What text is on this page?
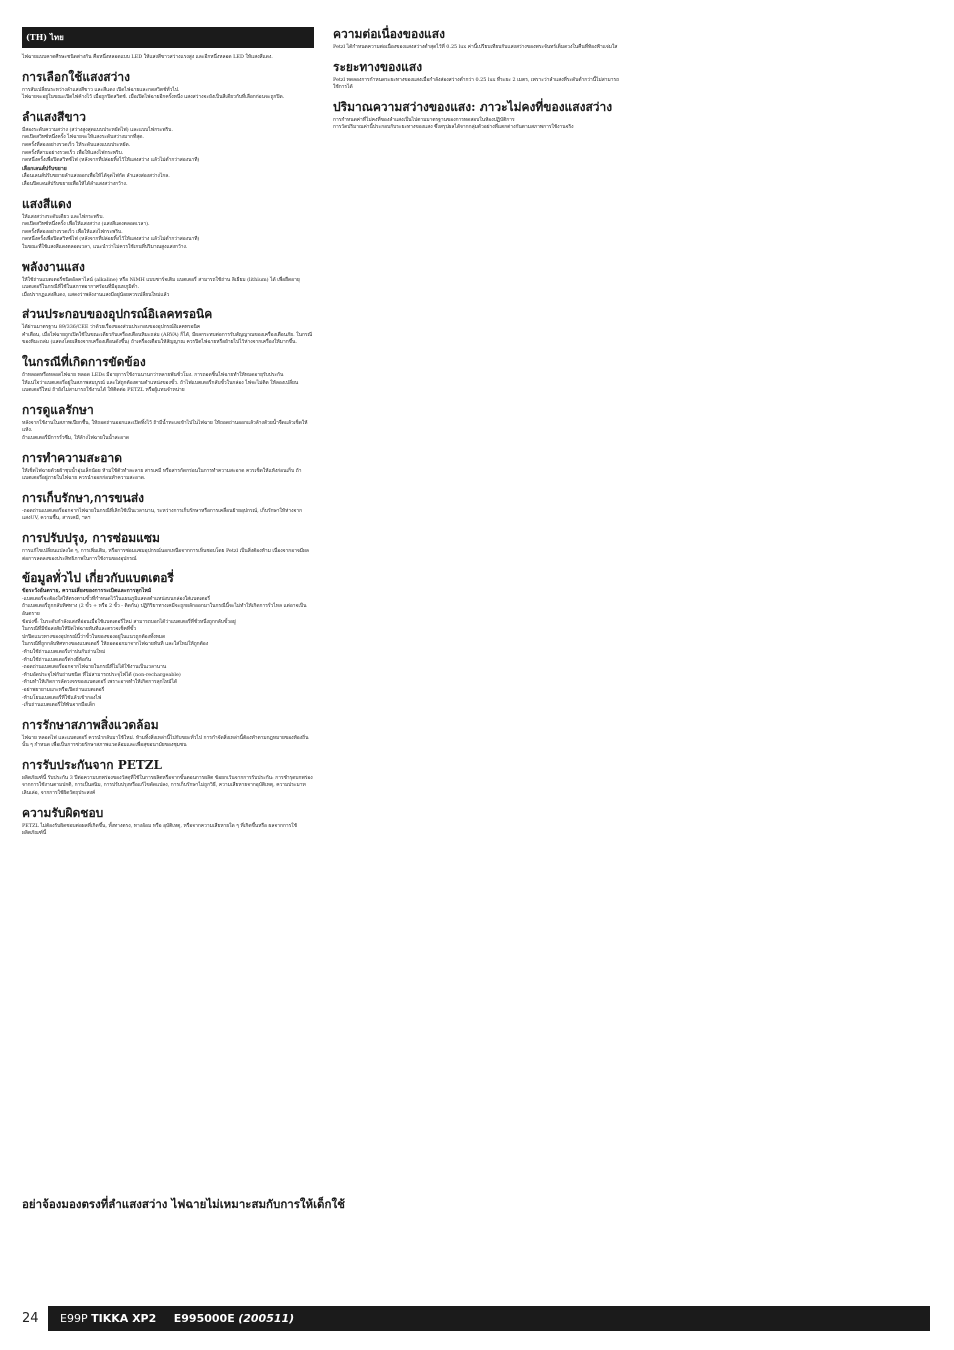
(TH) ไทย

ไฟฉายแบบคาดศีรษะชนิดต่างกัน คือหนึ่งหลอดแบบ LED ให้แสงสีขาวสว่างแรงสูง และอีกหนึ่งหลอด LED ให้แสงสีแดง.

การเลือกใช้แสงสว่าง

การสับเปลี่ยนระหว่างลำแสงสีขาว และสีแดง เปิดไฟฉายและกดสวิตช์ทั่วไป.
ไฟฉายจะอยู่ในขณะเปิดไฟค้างไว้ เมื่อถูกปิดสวิตช์. เมื่อเปิดไฟฉายอีกครั้งหนึ่ง แสงสว่างจะยังเป็นสีเดียวกับที่เลือกก่อนจะถูกปิด.

ลำแสงสีขาว

มีสองระดับความสว่าง (สว่างสูงสุดแบบประหยัดไฟ) และแบบไฟกระพริบ.
กดเปิดสวิทซ์หนึ่งครั้ง ไฟฉายจะให้แสงระดับสว่างมากที่สุด.
กดครั้งที่สองอย่างรวดเร็ว ให้ระดับแสงแบบประหยัด.
กดครั้งที่สามอย่างรวดเร็ว เพื่อให้แสงไฟกระพริบ.
กดหนึ่งครั้งเพื่อปิดสวิทซ์ไฟ (หลังจากที่ปล่อยทิ้งไว้ให้แสงสว่าง แล้วไม่ต่ำกว่าสองนาที)

เลือกเลนส์ปรับขยาย

เลื่อนเลนส์ปรับขยายลำแสงออกเพื่อให้ได้จุดไฟกัด ลำแสงส่องสว่างไกล.
เลื่อนปิดเลนส์ปรับขยายเพื่อให้ได้ลำแสงสว่างกว้าง.

แสงสีแดง

ให้แสงสว่างระดับเดียว และไฟกระพริบ.
กดเปิดสวิทซ์หนึ่งครั้ง เพื่อให้แสงสว่าง (แสงสีแดงตลอดเวลา).
กดครั้งที่สองอย่างรวดเร็ว เพื่อให้แสงไฟกระพริบ.
กดหนึ่งครั้งเพื่อปิดสวิทซ์ไฟ (หลังจากที่ปล่อยทิ้งไว้ให้แสงสว่าง แล้วไม่ต่ำกว่าสองนาที)
ในขณะที่ใช้แสงสีแดงตลอดเวลา, แนะนำว่าไม่ควรใช้เกนที่ปริมาณสูงแสงกว้าง.

พลังงานแสง

ให้ใช้ถ่านแบตเตอรี่ชนิดอัลคาไลน์ (alkaline) หรือ NiMH แบบชาร์จเติม แบตเตอรี่ สามารถใช้ถ่าน ลิเธียม (lithium) ได้ เพื่อยืดอายุแบตเตอรี่ในกรณีที่ใช้ในสภาพอากาศร้อนที่มีอุณหภูมิต่ำ.
เมื่อปรากฏแสงสีแดง, แสดงว่าพลังงานแสงมีอยู่น้อยควรเปลี่ยนใหม่แล้ว

ส่วนประกอบของอุปกรณ์อิเลคทรอนิค

ได้ผ่านมาตรฐาน 89/336/CEE ว่าด้วยเรื่องของส่วนประกอบของอุปกรณ์อิเลคทรอนิค
คำเตือน, เมื่อไฟฉายถูกเปิดใช้ในขณะเดียวกับเครื่องเตือนหิมะถล่ม (ARVA) ก็ได้, มีผลกระทบต่อการรับสัญญาณของเครื่องเตือนภัย. ในกรณีของหิมะถล่ม (แสดงโดยเสียงจากเครื่องเตือนดังขึ้น) ถ้าเครื่องเตือนให้สัญญาณ ควรปิดไฟฉายหรือย้ายไปไว้ห่างจากเครื่องให้มากขึ้น.

ในกรณีที่เกิดการขัดข้อง

ถ้าหลอดหรือหลอดไฟฉาย หลอด LEDs มีอายุการใช้งานนานกว่าหลายพันชั่วโมง. การถอดชิ้นไฟฉายทำให้หมดอายุรับประกัน
ให้แน่ใจว่าแบตเตอรี่อยู่ในสภาพสมบูรณ์ และใส่ถูกต้องตามตำแหน่งของขั้ว. ถ้าไฟแบตเตอรี่กลับขั้วในกล่อง ไฟจะไม่ติด ให้ลองเปลี่ยนแบตเตอรี่ใหม่ ถ้ายังไม่สามารถใช้งานได้ ให้ติดต่อ PETZL หรือผู้แทนจำหน่าย

การดูแลรักษา

หลังจากใช้งานในสภาพเปียกชื้น, ให้ถอดถ่านออกและเปิดทิ้งไว้ ถ้ามีน้ำทะเลเข้าไปในไฟฉาย ให้ถอดถ่านออกแล้วล้างด้วยน้ำจืดแล้วเช็ดให้แห้ง.
ถ้าแบตเตอรี่มีการรั่วซึม, ให้ล้างไฟฉายในน้ำสะอาด

การทำความสะอาด

ให้เช็ดไฟฉายด้วยผ้าชุบน้ำอุ่นเล็กน้อย ห้ามใช้ตัวทำละลาย สารเคมี หรือสารกัดกร่อนในการทำความสะอาด ควรเช็ดให้แห้งก่อนเก็บ ถ้าแบตเตอรี่อยู่ภายในไฟฉาย ควรนำออกก่อนทำความสะอาด.

การเก็บรักษา,การขนส่ง

-ถอดถ่านแบตเตอรี่ออกจากไฟฉายในกรณีที่เลิกใช้เป็นเวลานาน, ระหว่างการเก็บรักษาหรือการเคลื่อนย้ายอุปกรณ์, เก็บรักษาให้ห่างจากแสงUV, ความชื้น, สารเคมี, ฯลฯ

การปรับปรุง, การซ่อมแซม

การแก้ไขเปลี่ยนแปลงใด ๆ, การเพิ่มเติม, หรือการซ่อมแซมอุปกรณ์นอกเหนือจากการเห็นชอบโดย Petzl เป็นสิ่งต้องห้าม เนื่องจากอาจมีผลต่อการลดลงของประสิทธิภาพในการใช้งานของอุปกรณ์

ข้อมูลทั่วไป เกี่ยวกับแบตเตอรี่
ข้อระวังอันตราย, ความเสี่ยงของการระเบิดและการลุกไหม้

-แบตเตอรี่จะต้องใส่ให้ตรงตามขั้วที่กำหนดไว้ในแผนภูมิแสดงตำแหน่งบนกล่องใส่แบตเตอรี่
ถ้าแบตเตอรี่ถูกกลับทิศทาง (2 ขั้ว + หรือ 2 ขั้ว - ติดกัน) ปฏิกิริยาทางเคมีจะถูกผลักออกมาในกรณีนี้จะไม่ทำให้เกิดการรั่วไหล แต่อาจเป็นอันตราย
ข้อบ่งชี้: ในระดับกำลังแสงที่อ่อนเมื่อใช้แบตเตอรี่ใหม่ สามารถบอกได้ว่าแบตเตอรี่ที่ชั่วหนึ่งถูกกลับขั้วอยู่
ในกรณีที่มีข้อสงสัยให้ปิดไฟฉายทันทีและตรวจเช็คที่ขั้ว
ปกปิดแนวทางของอุปกรณ์นี้ว่าขั้วในของของอยู่ในแนวถูกต้องทั้งหมด
ในกรณีที่ถูกกลับทิศทางของแบตเตอรี่ ให้ถอดออกมาจากไฟฉายทันที และใส่ใหม่ให้ถูกต้อง
-ห้ามใช้ถ่านแบตเตอรี่เก่าปนกับถ่านใหม่
-ห้ามใช้ถ่านแบตเตอรี่ต่างยี่ห้อกัน
-ถอดถ่านแบตเตอรี่ออกจากไฟฉายในกรณีที่ไม่ได้ใช้งานเป็นเวลานาน
-ห้ามอัดประจุไฟกับถ่านชนิด ที่ไม่สามารถประจุไฟได้ (non-rechargeable)
-ห้ามทำให้เกิดการลัดวงจรของแบตเตอรี่ เพราะอาจทำให้เกิดการลุกไหม้ได้
-อย่าพยายามแกะหรือเปิดถ่านแบตเตอรี่
-ห้ามโยนแบตเตอรี่ที่ใช้แล้วเข้ากองไฟ
-เก็บถ่านแบตเตอรี่ให้พ้นจากมือเด็ก

การรักษาสภาพสิ่งแวดล้อม

ไฟฉาย หลอดไฟ และแบตเตอรี่ ควรนำกลับมาใช้ใหม่. ห้ามทิ้งสิ่งเหล่านี้ไปกับขยะทั่วไป การกำจัดสิ่งเหล่านี้ต้องทำตามกฎหมายของท้องถิ่นนั้น ๆ กำหนด เพื่อเป็นการช่วยรักษาสภาพแวดล้อมและเพื่อสุขอนามัยของชุมชน

การรับประกันจาก PETZL

ผลิตภัณฑ์นี้ รับประกัน 3 ปีต่อความบกพร่องของวัสดุที่ใช้ในการผลิตหรือจากขั้นตอนการผลิต ข้อยกเว้นจากการรับประกัน: การชำรุดบกพร่องจากการใช้งานตามปกติ, การเป็นสนิม, การปรับปรุงหรือแก้ไขดัดแปลง, การเก็บรักษาไม่ถูกวิธี, ความเสียหายจากอุบัติเหตุ, ความประมาทเลินเล่อ, จากการใช้ผิดวัตถุประสงค์

ความรับผิดชอบ

PETZL ไม่ต้องรับผิดชอบต่อผลที่เกิดขึ้น, ทั้งทางตรง, ทางอ้อม หรือ อุบัติเหตุ, หรือจากความเสียหายใด ๆ ที่เกิดขึ้นหรือ ผลจากการใช้ผลิตภัณฑ์นี้

ความต่อเนื่องของแสง

Petzl ได้กำหนดความต่อเนื่องของแสงสว่างต่ำสุดไว้ที่ 0.25 lux ค่านี้เปรียบเทียบกับแสงสว่างของพระจันทร์เต็มดวงในคืนที่ท้องฟ้าแจ่มใส

ระยะทางของแสง

Petzl ทดลองการกำหนดระยะทางของแสงเมื่อกำลังส่องสว่างต่ำกว่า 0.25 lux ที่ระยะ 2 เมตร, เพราะว่าลำแสงที่ระดับต่ำกว่านี้ไม่สามารถใช้การได้

ปริมาณความสว่างของแสง: ภาวะไม่คงที่ของแสงสว่าง

การกำหนดค่าที่ไม่คงที่ของลำแสงเป็นไปตามมาตรฐานของการทดสอบในห้องปฏิบัติการ
การวัดปริมาณค่านี้ประกอบกับระยะทางของแสง ซึ่งสรุปผลได้จากกลุ่มตัวอย่างที่แตกต่างกันตามสภาพการใช้งานจริง

อย่าจ้องมองตรงที่ลำแสงสว่าง ไฟฉายไม่เหมาะสมกับการให้เด็กใช้
24	E99P TIKKA XP2 E995000E (200511)
